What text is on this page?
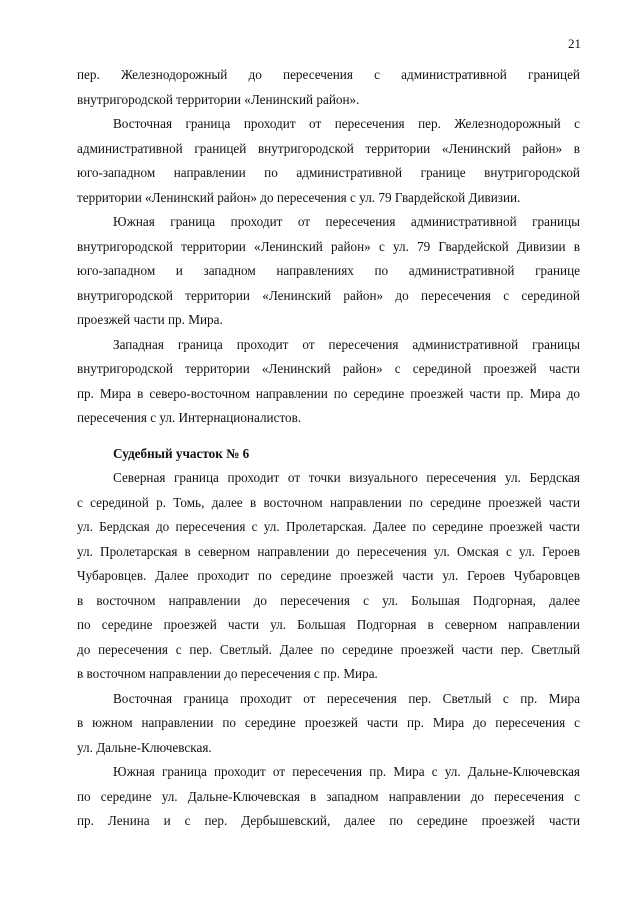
21
пер. Железнодорожный до пересечения с административной границей
внутригородской территории «Ленинский район».
Восточная граница проходит от пересечения пер. Железнодорожный с
административной границей внутригородской территории «Ленинский район» в
юго-западном направлении по административной границе внутригородской
территории «Ленинский район» до пересечения с ул. 79 Гвардейской Дивизии.
Южная граница проходит от пересечения административной границы
внутригородской территории «Ленинский район» с ул. 79 Гвардейской Дивизии в
юго-западном и западном направлениях по административной границе
внутригородской территории «Ленинский район» до пересечения с серединой
проезжей части пр. Мира.
Западная граница проходит от пересечения административной границы
внутригородской территории «Ленинский район» с серединой проезжей части
пр. Мира в северо-восточном направлении по середине проезжей части пр. Мира до
пересечения с ул. Интернационалистов.
Судебный участок № 6
Северная граница проходит от точки визуального пересечения ул. Бердская
с серединой р. Томь, далее в восточном направлении по середине проезжей части
ул. Бердская до пересечения с ул. Пролетарская. Далее по середине проезжей части
ул. Пролетарская в северном направлении до пересечения ул. Омская с ул. Героев
Чубаровцев. Далее проходит по середине проезжей части ул. Героев Чубаровцев
в восточном направлении до пересечения с ул. Большая Подгорная, далее
по середине проезжей части ул. Большая Подгорная в северном направлении
до пересечения с пер. Светлый. Далее по середине проезжей части пер. Светлый
в восточном направлении до пересечения с пр. Мира.
Восточная граница проходит от пересечения пер. Светлый с пр. Мира
в южном направлении по середине проезжей части пр. Мира до пересечения с
ул. Дальне-Ключевская.
Южная граница проходит от пересечения пр. Мира с ул. Дальне-Ключевская
по середине ул. Дальне-Ключевская в западном направлении до пересечения с
пр. Ленина и с пер. Дербышевский, далее по середине проезжей части
